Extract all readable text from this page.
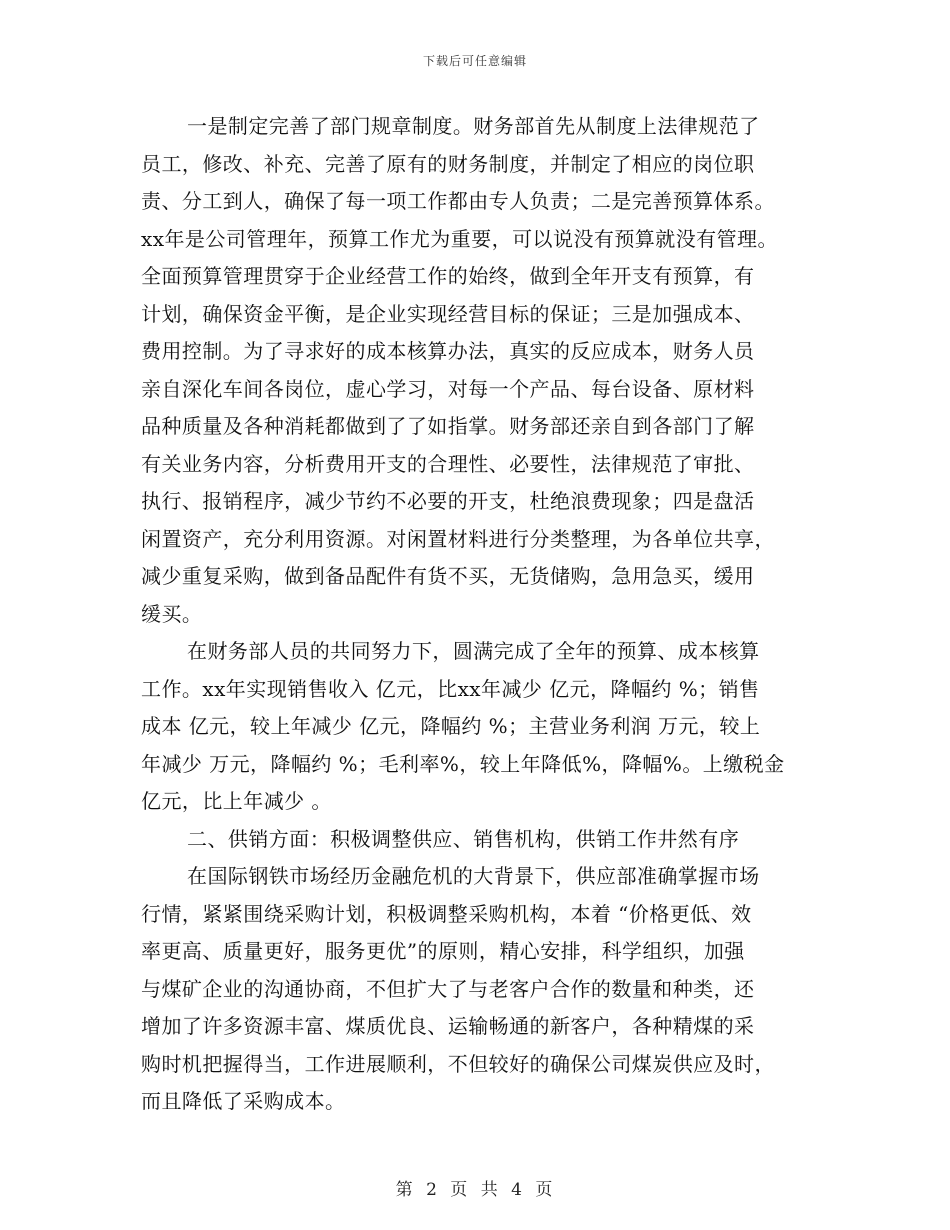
下载后可任意编辑
一是制定完善了部门规章制度。财务部首先从制度上法律规范了
员工，修改、补充、完善了原有的财务制度，并制定了相应的岗位职
责、分工到人，确保了每一项工作都由专人负责；二是完善预算体系。
xx年是公司管理年，预算工作尤为重要，可以说没有预算就没有管理。
全面预算管理贯穿于企业经营工作的始终，做到全年开支有预算，有
计划，确保资金平衡，是企业实现经营目标的保证；三是加强成本、
费用控制。为了寻求好的成本核算办法，真实的反应成本，财务人员
亲自深化车间各岗位，虚心学习，对每一个产品、每台设备、原材料
品种质量及各种消耗都做到了了如指掌。财务部还亲自到各部门了解
有关业务内容，分析费用开支的合理性、必要性，法律规范了审批、
执行、报销程序，减少节约不必要的开支，杜绝浪费现象；四是盘活
闲置资产，充分利用资源。对闲置材料进行分类整理，为各单位共享，
减少重复采购，做到备品配件有货不买，无货储购，急用急买，缓用
缓买。
在财务部人员的共同努力下，圆满完成了全年的预算、成本核算
工作。xx年实现销售收入 亿元，比xx年减少 亿元，降幅约 %；销售
成本 亿元，较上年减少 亿元，降幅约 %；主营业务利润 万元，较上
年减少 万元，降幅约 %；毛利率%，较上年降低%，降幅%。上缴税金
亿元，比上年减少 。
二、供销方面：积极调整供应、销售机构，供销工作井然有序
在国际钢铁市场经历金融危机的大背景下，供应部准确掌握市场
行情，紧紧围绕采购计划，积极调整采购机构，本着 “价格更低、效
率更高、质量更好，服务更优”的原则，精心安排，科学组织，加强
与煤矿企业的沟通协商，不但扩大了与老客户合作的数量和种类，还
增加了许多资源丰富、煤质优良、运输畅通的新客户，各种精煤的采
购时机把握得当，工作进展顺利，不但较好的确保公司煤炭供应及时，
而且降低了采购成本。
第 2 页 共 4 页
